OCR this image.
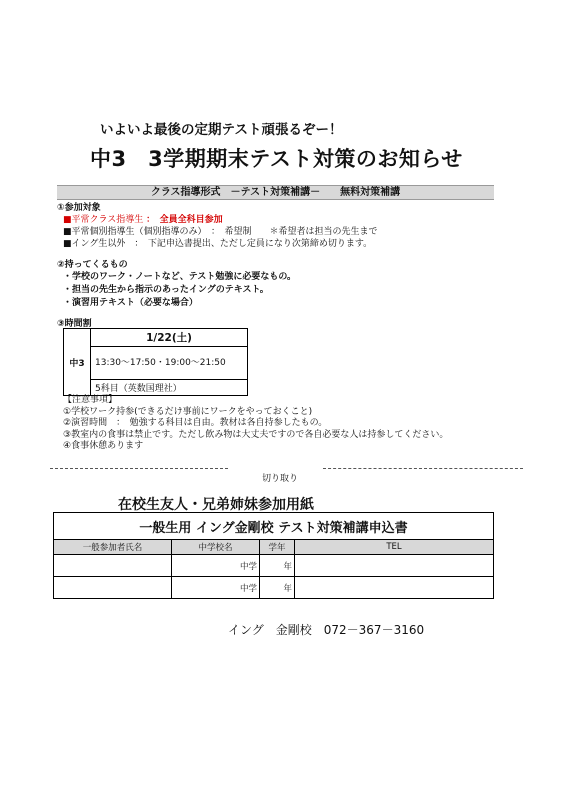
いよいよ最後の定期テスト頑張るぞー！
中3　3学期期末テスト対策のお知らせ
クラス指導形式　－テスト対策補講－　　無料対策補講
①参加対象
■平常クラス指導生 ：　全員全科目参加
■平常個別指導生（個別指導のみ）　：　希望制　　＊希望者は担当の先生まで
■イング生以外　：　下記申込書提出、ただし定員になり次第締め切ります。
②持ってくるもの
・学校のワーク・ノートなど、テスト勉強に必要なもの。
・担当の先生から指示のあったイングのテキスト。
・演習用テキスト（必要な場合）
③時間割
中3	1/22(土)
13:30～17:50・19:00～21:50
5科目（英数国理社）
【注意事項】
①学校ワーク持参(できるだけ事前にワークをやっておくこと)
②演習時間　：　勉強する科目は自由。教材は各自持参したもの。
③教室内の食事は禁止です。ただし飲み物は大丈夫ですので各自必要な人は持参してください。
④食事休憩あります
切り取り
在校生友人・兄弟姉妹参加用紙
一般生用 イング金剛校 テスト対策補講申込書			
一般参加者氏名	中学校名	学年	TEL
	中学	年	
	中学	年	
イング　金剛校　072－367－3160
